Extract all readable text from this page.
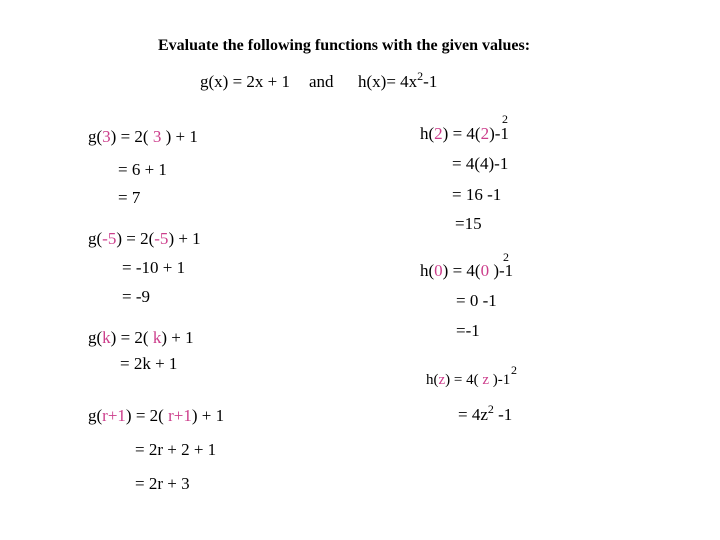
Evaluate the following functions with the given values:
g(x) = 2x + 1 and $h(x)= 4x^2-1$
g(3) = 2( 3 ) + 1
= 6 + 1
= 7
g(-5) = 2(-5) + 1
= -10 + 1
= -9
g(k) = 2( k) + 1
= 2k + 1
g(r+1) = 2( r+1) + 1
= 2r + 2 + 1
= 2r + 3
2
h(2) = 4(2)-1
= 4(4)-1
= 16 -1
=15
2
h(0) = 4(0 )-1
= 0 -1
=-1
2
h(z) = 4( z )-1
= $4z^2$ -1
